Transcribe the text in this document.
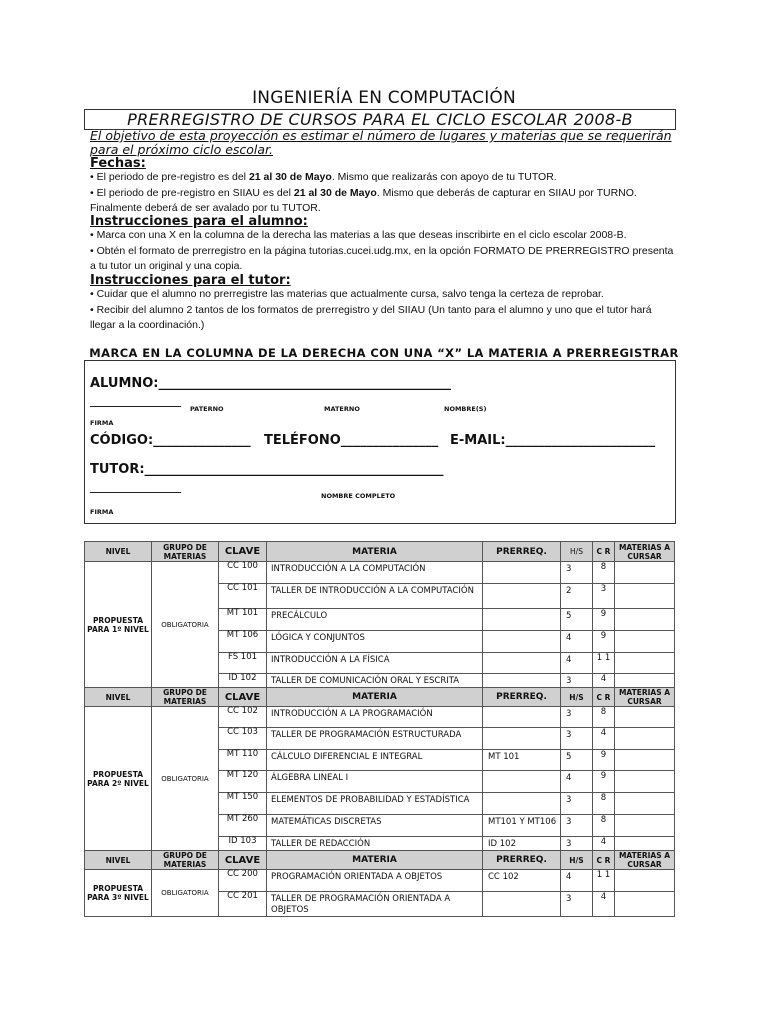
INGENIERÍA EN COMPUTACIÓN
PRERREGISTRO DE CURSOS PARA EL CICLO ESCOLAR 2008-B
El objetivo de esta proyección es estimar el número de lugares y materias que se requerirán para el próximo ciclo escolar.
Fechas:
• El periodo de pre-registro es del 21 al 30 de Mayo. Mismo que realizarás con apoyo de tu TUTOR.
• El periodo de pre-registro en SIIAU es del 21 al 30 de Mayo. Mismo que deberás de capturar en SIIAU por TURNO. Finalmente deberá de ser avalado por tu TUTOR.
Instrucciones para el alumno:
• Marca con una X en la columna de la derecha las materias a las que deseas inscribirte en el ciclo escolar 2008-B.
• Obtén el formato de prerregistro en la página tutorias.cucei.udg.mx, en la opción FORMATO DE PRERREGISTRO presenta a tu tutor un original y una copia.
Instrucciones para el tutor:
• Cuidar que el alumno no prerregistre las materias que actualmente cursa, salvo tenga la certeza de reprobar.
• Recibir del alumno 2 tantos de los formatos de prerregistro y del SIIAU (Un tanto para el alumno y uno que el tutor hará llegar a la coordinación.)
MARCA EN LA COLUMNA DE LA DERECHA CON UNA “X” LA MATERIA A PRERREGISTRAR
ALUMNO:_____________________________________________
______________
PATERNO	MATERNO	NOMBRE(S)
FIRMA
CÓDIGO:_______________ TELÉFONO_______________ E-MAIL:_______________________
TUTOR:______________________________________________
______________
NOMBRE COMPLETO
FIRMA
NIVEL	GRUPO DE MATERIAS	CLAVE	MATERIA	PRERREQ.	H/S	C R	MATERIAS A CURSAR
PROPUESTA PARA 1º NIVEL	OBLIGATORIA	CC 100	INTRODUCCIÓN A LA COMPUTACIÓN		3	8	
		CC 101	TALLER DE INTRODUCCIÓN A LA COMPUTACIÓN		2	3	
		MT 101	PRECÁLCULO		5	9	
		MT 106	LÓGICA Y CONJUNTOS		4	9	
		FS 101	INTRODUCCIÓN A LA FÍSICA		4	1 1	
		ID 102	TALLER DE COMUNICACIÓN ORAL Y ESCRITA		3	4	
NIVEL	GRUPO DE MATERIAS	CLAVE	MATERIA	PRERREQ.	H/S	C R	MATERIAS A CURSAR
PROPUESTA PARA 2º NIVEL	OBLIGATORIA	CC 102	INTRODUCCIÓN A LA PROGRAMACIÓN		3	8	
		CC 103	TALLER DE PROGRAMACIÓN ESTRUCTURADA		3	4	
		MT 110	CÁLCULO DIFERENCIAL E INTEGRAL	MT 101	5	9	
		MT 120	ÁLGEBRA LINEAL I		4	9	
		MT 150	ELEMENTOS DE PROBABILIDAD Y ESTADÍSTICA		3	8	
		MT 260	MATEMÁTICAS DISCRETAS	MT101 Y MT106	3	8	
		ID 103	TALLER DE REDACCIÓN	ID 102	3	4	
NIVEL	GRUPO DE MATERIAS	CLAVE	MATERIA	PRERREQ.	H/S	C R	MATERIAS A CURSAR
PROPUESTA PARA 3º NIVEL	OBLIGATORIA	CC 200	PROGRAMACIÓN ORIENTADA A OBJETOS	CC 102	4	1 1	
		CC 201	TALLER DE PROGRAMACIÓN ORIENTADA A OBJETOS		3	4	
